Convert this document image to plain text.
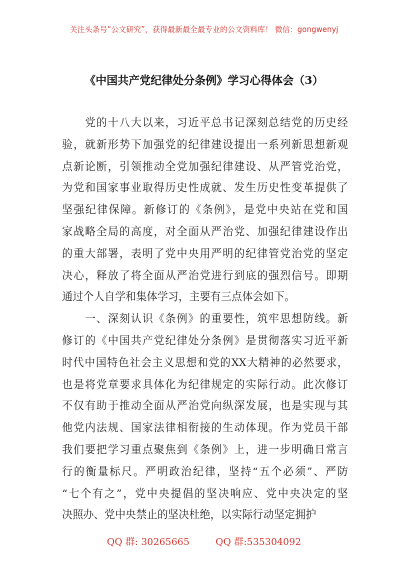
关注头条号“公文研究”，获得最新最全最专业的公文资料库！ 微信：gongwenyj
《中国共产党纪律处分条例》学习心得体会（3）
　　党的十八大以来，习近平总书记深刻总结党的历史经
验，就新形势下加强党的纪律建设提出一系列新思想新观
点新论断，引领推动全党加强纪律建设、从严管党治党，
为党和国家事业取得历史性成就、发生历史性变革提供了
坚强纪律保障。新修订的《条例》，是党中央站在党和国
家战略全局的高度，对全面从严治党、加强纪律建设作出
的重大部署，表明了党中央用严明的纪律管党治党的坚定
决心，释放了将全面从严治党进行到底的强烈信号。即期
通过个人自学和集体学习，主要有三点体会如下。
　　一、深刻认识《条例》的重要性，筑牢思想防线。新
修订的《中国共产党纪律处分条例》是贯彻落实习近平新
时代中国特色社会主义思想和党的XX大精神的必然要求，
也是将党章要求具体化为纪律规定的实际行动。此次修订
不仅有助于推动全面从严治党向纵深发展，也是实现与其
他党内法规、国家法律相衔接的生动体现。作为党员干部
我们要把学习重点聚焦到《条例》上，进一步明确日常言
行的衡量标尺。严明政治纪律，坚持“五个必须”、严防
“七个有之”，党中央提倡的坚决响应、党中央决定的坚
决照办、党中央禁止的坚决杜绝，以实际行动坚定拥护
QQ 群: 30265665	QQ 群:535304092
